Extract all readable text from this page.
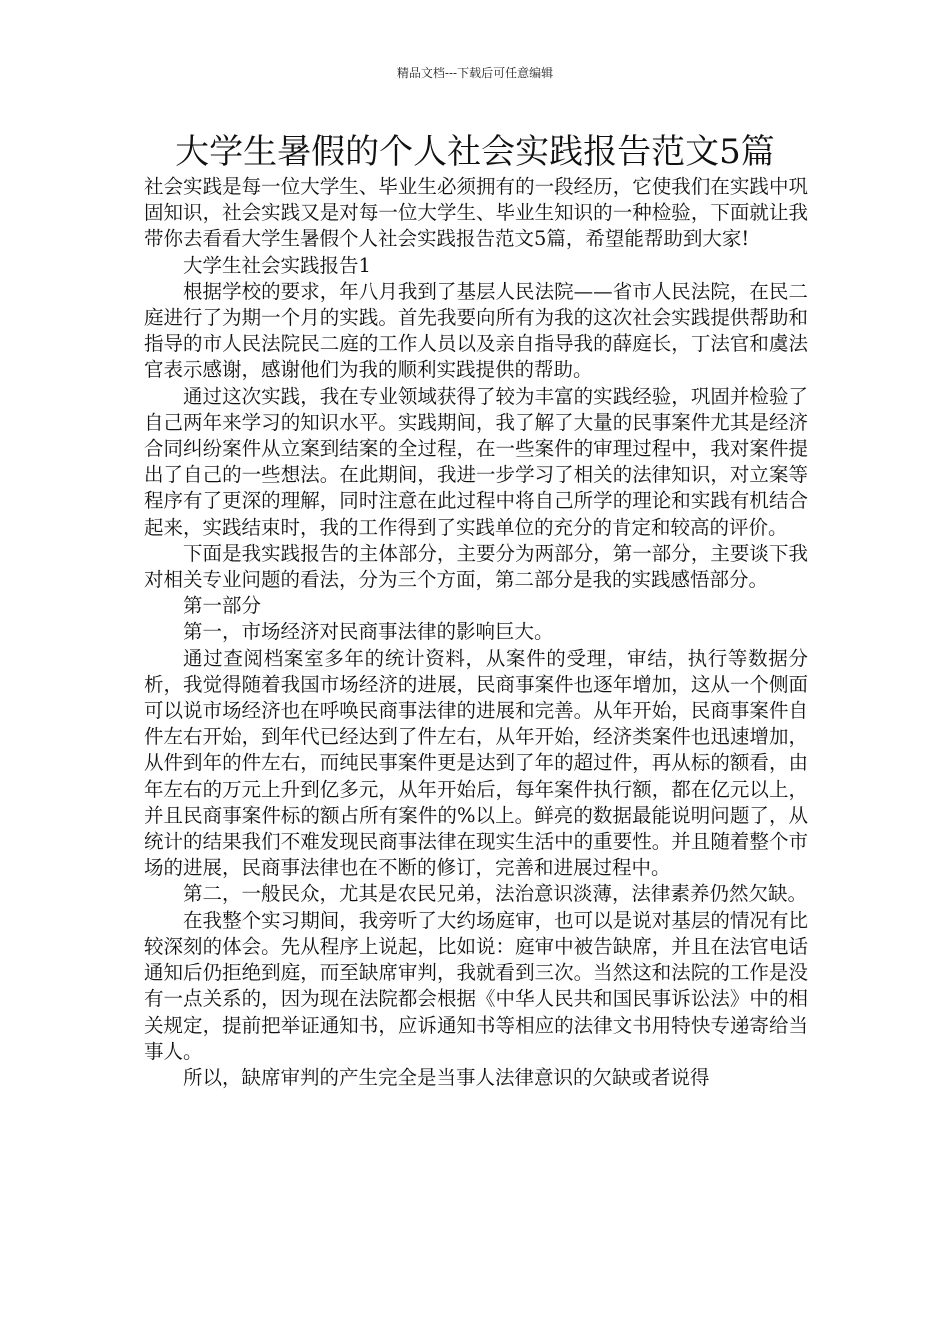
精品文档---下载后可任意编辑
大学生暑假的个人社会实践报告范文5篇

社会实践是每一位大学生、毕业生必须拥有的一段经历，它使我们在实践中巩固知识，社会实践又是对每一位大学生、毕业生知识的一种检验，下面就让我带你去看看大学生暑假个人社会实践报告范文5篇，希望能帮助到大家!

大学生社会实践报告1

根据学校的要求，年八月我到了基层人民法院——省市人民法院，在民二庭进行了为期一个月的实践。首先我要向所有为我的这次社会实践提供帮助和指导的市人民法院民二庭的工作人员以及亲自指导我的薛庭长，丁法官和虞法官表示感谢，感谢他们为我的顺利实践提供的帮助。

通过这次实践，我在专业领域获得了较为丰富的实践经验，巩固并检验了自己两年来学习的知识水平。实践期间，我了解了大量的民事案件尤其是经济合同纠纷案件从立案到结案的全过程，在一些案件的审理过程中，我对案件提出了自己的一些想法。在此期间，我进一步学习了相关的法律知识，对立案等程序有了更深的理解，同时注意在此过程中将自己所学的理论和实践有机结合起来，实践结束时，我的工作得到了实践单位的充分的肯定和较高的评价。

下面是我实践报告的主体部分，主要分为两部分，第一部分，主要谈下我对相关专业问题的看法，分为三个方面，第二部分是我的实践感悟部分。

第一部分

第一，市场经济对民商事法律的影响巨大。

通过查阅档案室多年的统计资料，从案件的受理，审结，执行等数据分析，我觉得随着我国市场经济的进展，民商事案件也逐年增加，这从一个侧面可以说市场经济也在呼唤民商事法律的进展和完善。从年开始，民商事案件自件左右开始，到年代已经达到了件左右，从年开始，经济类案件也迅速增加，从件到年的件左右，而纯民事案件更是达到了年的超过件，再从标的额看，由年左右的万元上升到亿多元，从年开始后，每年案件执行额，都在亿元以上，并且民商事案件标的额占所有案件的%以上。鲜亮的数据最能说明问题了，从统计的结果我们不难发现民商事法律在现实生活中的重要性。并且随着整个市场的进展，民商事法律也在不断的修订，完善和进展过程中。

第二，一般民众，尤其是农民兄弟，法治意识淡薄，法律素养仍然欠缺。

在我整个实习期间，我旁听了大约场庭审，也可以是说对基层的情况有比较深刻的体会。先从程序上说起，比如说：庭审中被告缺席，并且在法官电话通知后仍拒绝到庭，而至缺席审判，我就看到三次。当然这和法院的工作是没有一点关系的，因为现在法院都会根据《中华人民共和国民事诉讼法》中的相关规定，提前把举证通知书，应诉通知书等相应的法律文书用特快专递寄给当事人。

所以，缺席审判的产生完全是当事人法律意识的欠缺或者说得
